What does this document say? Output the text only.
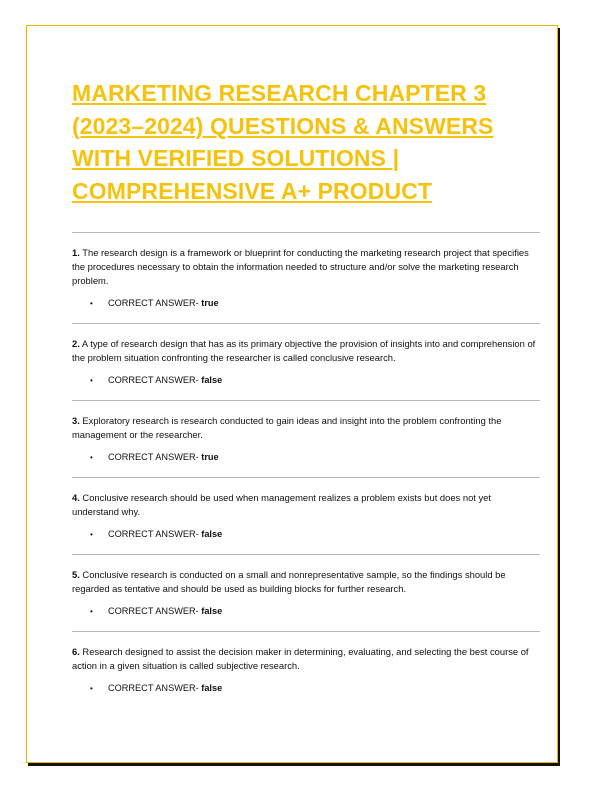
MARKETING RESEARCH CHAPTER 3
(2023–2024) QUESTIONS & ANSWERS
WITH VERIFIED SOLUTIONS |
COMPREHENSIVE A+ PRODUCT

1. The research design is a framework or blueprint for conducting the marketing research project that specifies the procedures necessary to obtain the information needed to structure and/or solve the marketing research problem.

• CORRECT ANSWER- true

2. A type of research design that has as its primary objective the provision of insights into and comprehension of the problem situation confronting the researcher is called conclusive research.

• CORRECT ANSWER- false

3. Exploratory research is research conducted to gain ideas and insight into the problem confronting the management or the researcher.

• CORRECT ANSWER- true

4. Conclusive research should be used when management realizes a problem exists but does not yet understand why.

• CORRECT ANSWER- false

5. Conclusive research is conducted on a small and nonrepresentative sample, so the findings should be regarded as tentative and should be used as building blocks for further research.

• CORRECT ANSWER- false

6. Research designed to assist the decision maker in determining, evaluating, and selecting the best course of action in a given situation is called subjective research.

• CORRECT ANSWER- false
